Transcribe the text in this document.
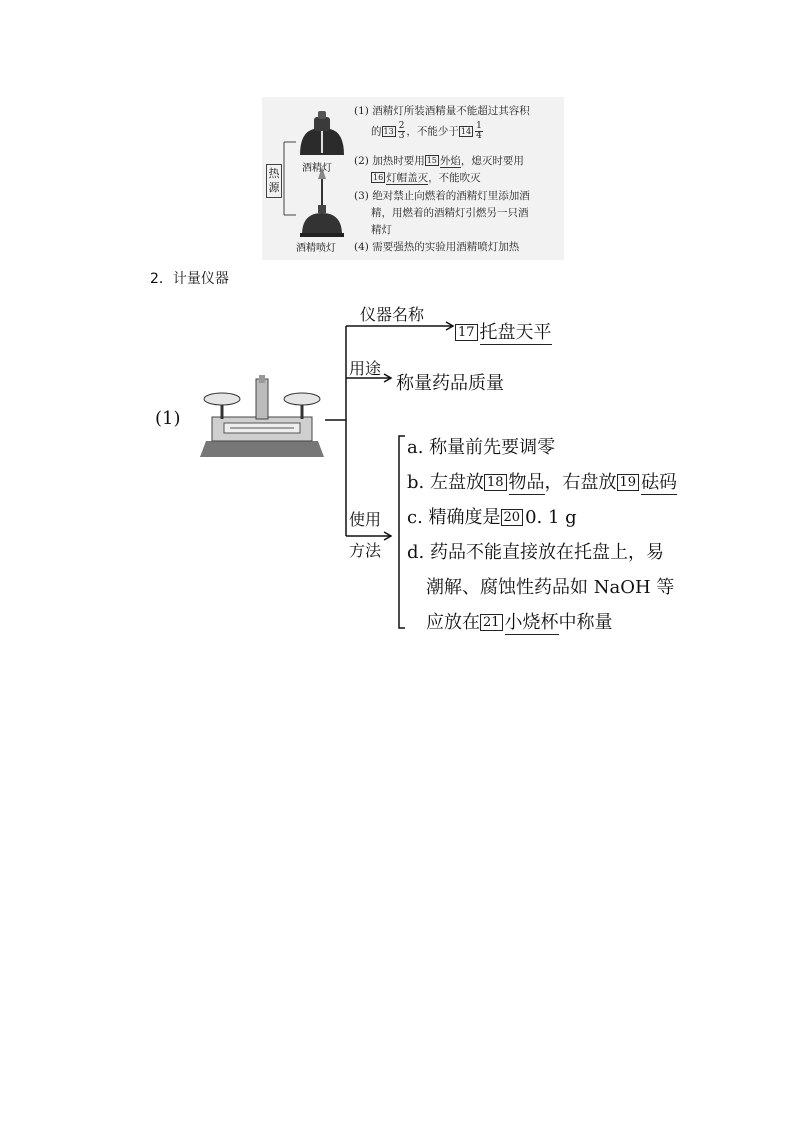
热源
酒精灯
酒精喷灯
(1) 酒精灯所装酒精量不能超过其容积
的 $13 \frac{2}{3}$ ，不能少于 $14 \frac{1}{4}$
(2) 加热时要用 15 外焰，熄灭时要用
16 灯帽盖灭，不能吹灭
(3) 绝对禁止向燃着的酒精灯里添加酒
精，用燃着的酒精灯引燃另一只酒
精灯
(4) 需要强热的实验用酒精喷灯加热
2．计量仪器
(1)
仪器名称
17 托盘天平
用途
称量药品质量
使用
方法
a. 称量前先要调零
b. 左盘放 18 物品，右盘放 19 砝码
c. 精确度是 20 0. 1 g
d. 药品不能直接放在托盘上，易
潮解、腐蚀性药品如 NaOH 等
应放在 21 小烧杯中称量
